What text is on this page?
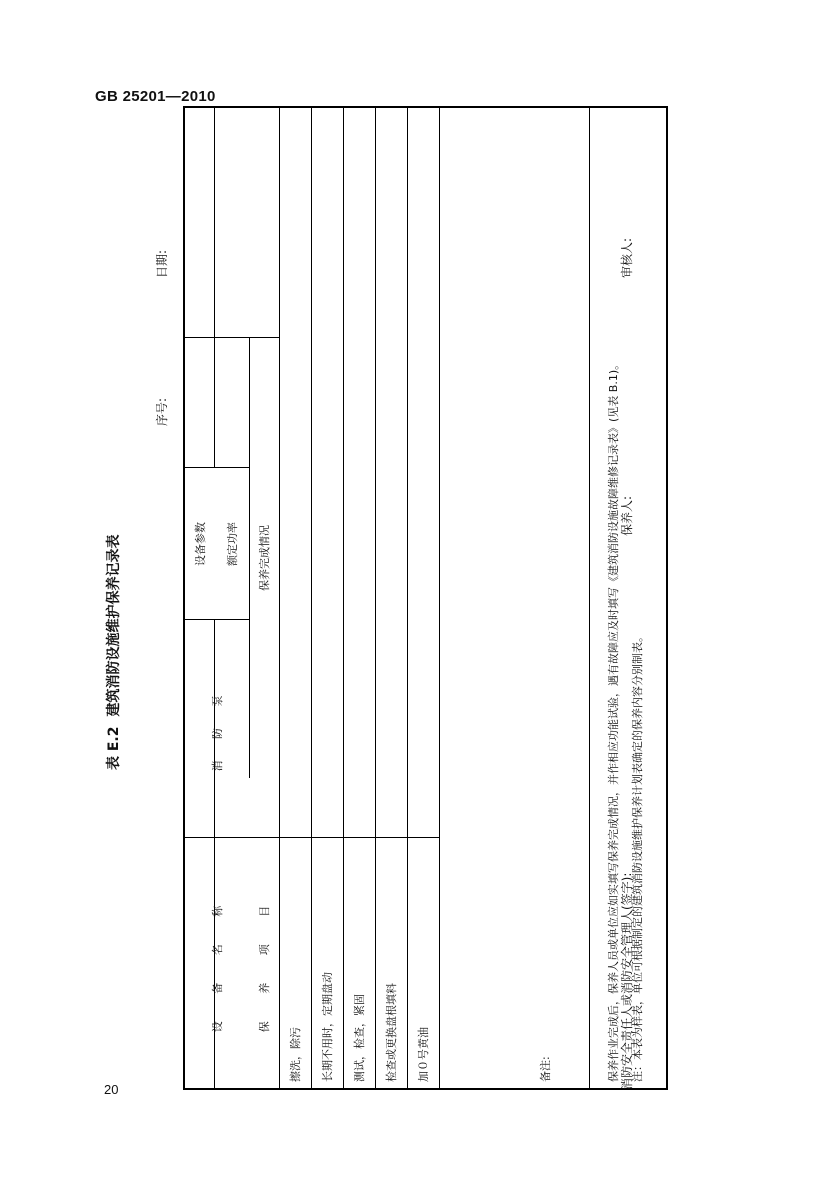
GB 25201—2010
表 E.2建筑消防设施维护保养记录表
序号:
日期:
设 备 名 称
消 防 泵
设备参数 额定功率
保 养 项 目
保养完成情况
擦洗，除污 长期不用时，定期盘动 测试，检查，紧固 检查或更换盘根填料 加０号黄油	备注:	保养作业完成后，保养人员或单位应如实填写保养完成情况，并作相应功能试验，遇有故障应及时填写《建筑消防设施故障维修记录表》(见表 B.1)。 注：本表为样表，单位可根据制定的建筑消防设施维护保养计划表确定的保养内容分别制表。
消防安全责任人或消防安全管理人(签字):
保养人:
审核人:
20
